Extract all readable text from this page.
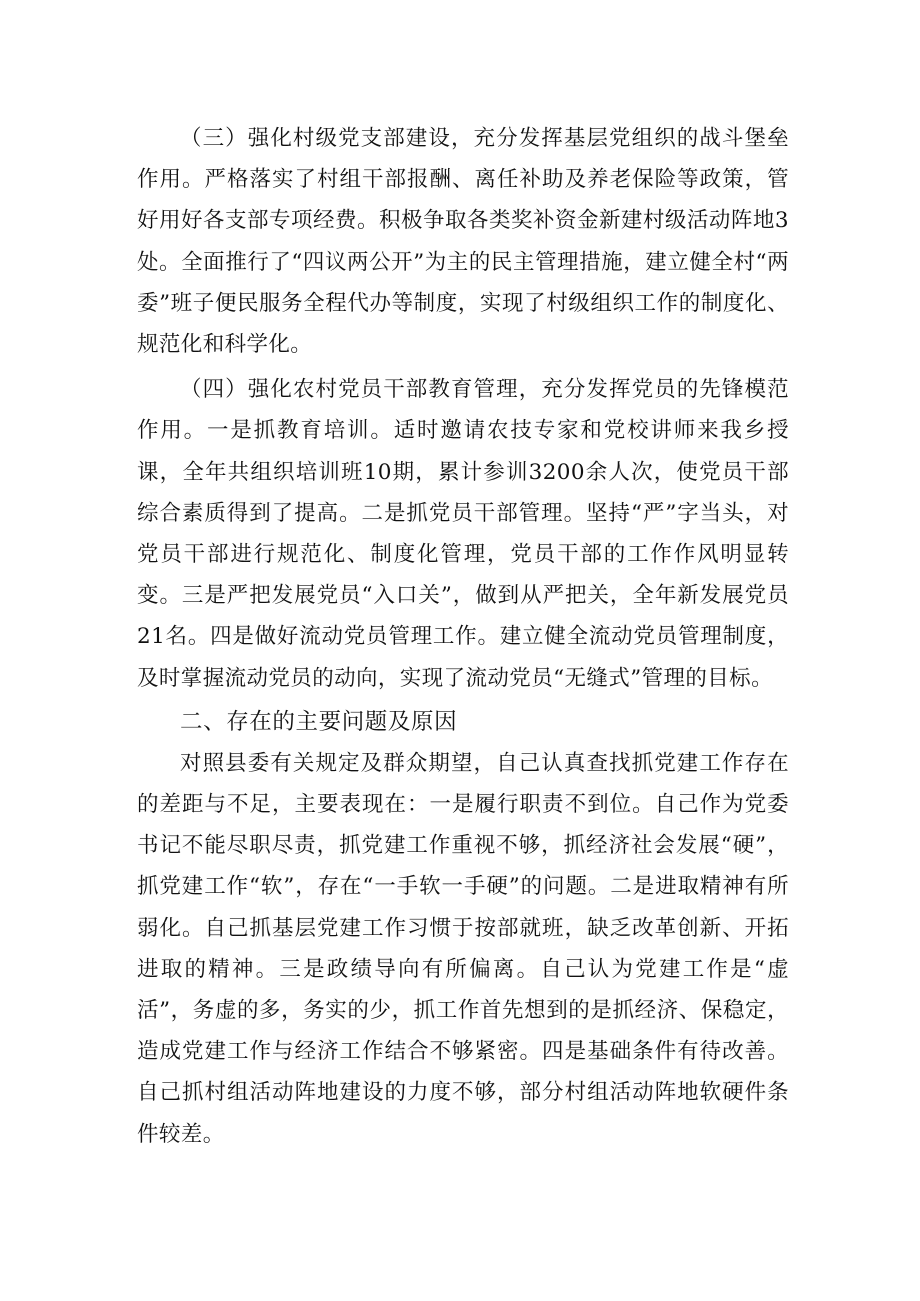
（三）强化村级党支部建设，充分发挥基层党组织的战斗堡垒作用。严格落实了村组干部报酬、离任补助及养老保险等政策，管好用好各支部专项经费。积极争取各类奖补资金新建村级活动阵地3处。全面推行了“四议两公开”为主的民主管理措施，建立健全村“两委”班子便民服务全程代办等制度，实现了村级组织工作的制度化、规范化和科学化。

（四）强化农村党员干部教育管理，充分发挥党员的先锋模范作用。一是抓教育培训。适时邀请农技专家和党校讲师来我乡授课，全年共组织培训班10期，累计参训3200余人次，使党员干部综合素质得到了提高。二是抓党员干部管理。坚持“严”字当头，对党员干部进行规范化、制度化管理，党员干部的工作作风明显转变。三是严把发展党员“入口关”，做到从严把关，全年新发展党员21名。四是做好流动党员管理工作。建立健全流动党员管理制度，及时掌握流动党员的动向，实现了流动党员“无缝式”管理的目标。

二、存在的主要问题及原因

对照县委有关规定及群众期望，自己认真查找抓党建工作存在的差距与不足，主要表现在：一是履行职责不到位。自己作为党委书记不能尽职尽责，抓党建工作重视不够，抓经济社会发展“硬”，抓党建工作“软”，存在“一手软一手硬”的问题。二是进取精神有所弱化。自己抓基层党建工作习惯于按部就班，缺乏改革创新、开拓进取的精神。三是政绩导向有所偏离。自己认为党建工作是“虚活”，务虚的多，务实的少，抓工作首先想到的是抓经济、保稳定，造成党建工作与经济工作结合不够紧密。四是基础条件有待改善。自己抓村组活动阵地建设的力度不够，部分村组活动阵地软硬件条件较差。
